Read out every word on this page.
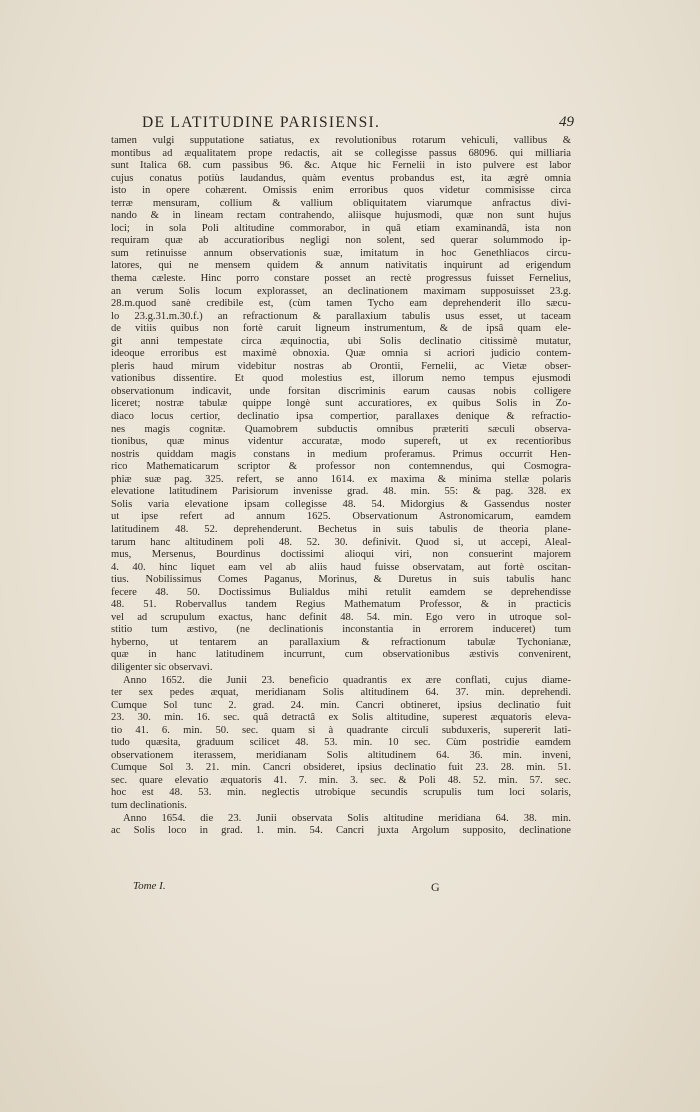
DE LATITUDINE PARISIENSI.	49
tamen vulgi supputatione satiatus, ex revolutionibus rotarum vehiculi, vallibus &
montibus ad æqualitatem prope redactis, ait se collegisse passus 68096. qui milliaria
sunt Italica 68. cum passibus 96. &c. Atque hic Fernelii in isto pulvere est labor
cujus conatus potiùs laudandus, quàm eventus probandus est, ita ægrè omnia
isto in opere cohærent. Omissis enim erroribus quos videtur commisisse circa
terræ mensuram, collium & vallium obliquitatem viarumque anfractus divi-
nando & in lineam rectam contrahendo, aliisque hujusmodi, quæ non sunt hujus
loci; in sola Poli altitudine commorabor, in quâ etiam examinandâ, ista non
requiram quæ ab accuratioribus negligi non solent, sed querar solummodo ip-
sum retinuisse annum observationis suæ, imitatum in hoc Genethliacos circu-
latores, qui ne mensem quidem & annum nativitatis inquirunt ad erigendum
thema cæleste. Hinc porro constare posset an rectè progressus fuisset Fernelius,
an verum Solis locum explorasset, an declinationem maximam supposuisset 23.g.
28.m.quod sanè credibile est, (cùm tamen Tycho eam deprehenderit illo sæcu-
lo 23.g.31.m.30.f.) an refractionum & parallaxium tabulis usus esset, ut taceam
de vitiis quibus non fortè caruit ligneum instrumentum, & de ipsâ quam ele-
git anni tempestate circa æquinoctia, ubi Solis declinatio citissimè mutatur,
ideoque erroribus est maximè obnoxia. Quæ omnia si acriori judicio contem-
pleris haud mirum videbitur nostras ab Orontii, Fernelii, ac Vietæ obser-
vationibus dissentire. Et quod molestius est, illorum nemo tempus ejusmodi
observationum indicavit, unde forsitan discriminis earum causas nobis colligere
liceret; nostræ tabulæ quippe longè sunt accuratiores, ex quibus Solis in Zo-
diaco locus certior, declinatio ipsa compertior, parallaxes denique & refractio-
nes magis cognitæ. Quamobrem subductis omnibus præteriti sæculi observa-
tionibus, quæ minus videntur accuratæ, modo supereft, ut ex recentioribus
nostris quiddam magis constans in medium proferamus. Primus occurrit Hen-
rico Mathematicarum scriptor & professor non contemnendus, qui Cosmogra-
phiæ suæ pag. 325. refert, se anno 1614. ex maxima & minima stellæ polaris
elevatione latitudinem Parisiorum invenisse grad. 48. min. 55: & pag. 328. ex
Solis varia elevatione ipsam collegisse 48. 54. Midorgius & Gassendus noster
ut ipse refert ad annum 1625. Observationum Astronomicarum, eamdem
latitudinem 48. 52. deprehenderunt. Bechetus in suis tabulis de theoria plane-
tarum hanc altitudinem poli 48. 52. 30. definivit. Quod si, ut accepi, Aleal-
mus, Mersenus, Bourdinus doctissimi alioqui viri, non consuerint majorem
4. 40. hinc liquet eam vel ab aliis haud fuisse observatam, aut fortè oscitan-
tius. Nobilissimus Comes Paganus, Morinus, & Duretus in suis tabulis hanc
fecere 48. 50. Doctissimus Bulialdus mihi retulit eamdem se deprehendisse
48. 51. Robervallus tandem Regius Mathematum Professor, & in practicis
vel ad scrupulum exactus, hanc definit 48. 54. min. Ego vero in utroque sol-
stitio tum æstivo, (ne declinationis inconstantia in errorem induceret) tum
hyberno, ut tentarem an parallaxium & refractionum tabulæ Tychonianæ,
quæ in hanc latitudinem incurrunt, cum observationibus æstivis convenirent,
diligenter sic observavi.
Anno 1652. die Junii 23. beneficio quadrantis ex ære conflati, cujus diame-
ter sex pedes æquat, meridianam Solis altitudinem 64. 37. min. deprehendi.
Cumque Sol tunc 2. grad. 24. min. Cancri obtineret, ipsius declinatio fuit
23. 30. min. 16. sec. quâ detractâ ex Solis altitudine, superest æquatoris eleva-
tio 41. 6. min. 50. sec. quam si à quadrante circuli subduxeris, supererit lati-
tudo quæsita, graduum scilicet 48. 53. min. 10 sec. Cùm postridie eamdem
observationem iterassem, meridianam Solis altitudinem 64. 36. min. inveni,
Cumque Sol 3. 21. min. Cancri obsideret, ipsius declinatio fuit 23. 28. min. 51.
sec. quare elevatio æquatoris 41. 7. min. 3. sec. & Poli 48. 52. min. 57. sec.
hoc est 48. 53. min. neglectis utrobique secundis scrupulis tum loci solaris,
tum declinationis.
Anno 1654. die 23. Junii observata Solis altitudine meridiana 64. 38. min.
ac Solis loco in grad. 1. min. 54. Cancri juxta Argolum supposito, declinatione
Tome I.	G
